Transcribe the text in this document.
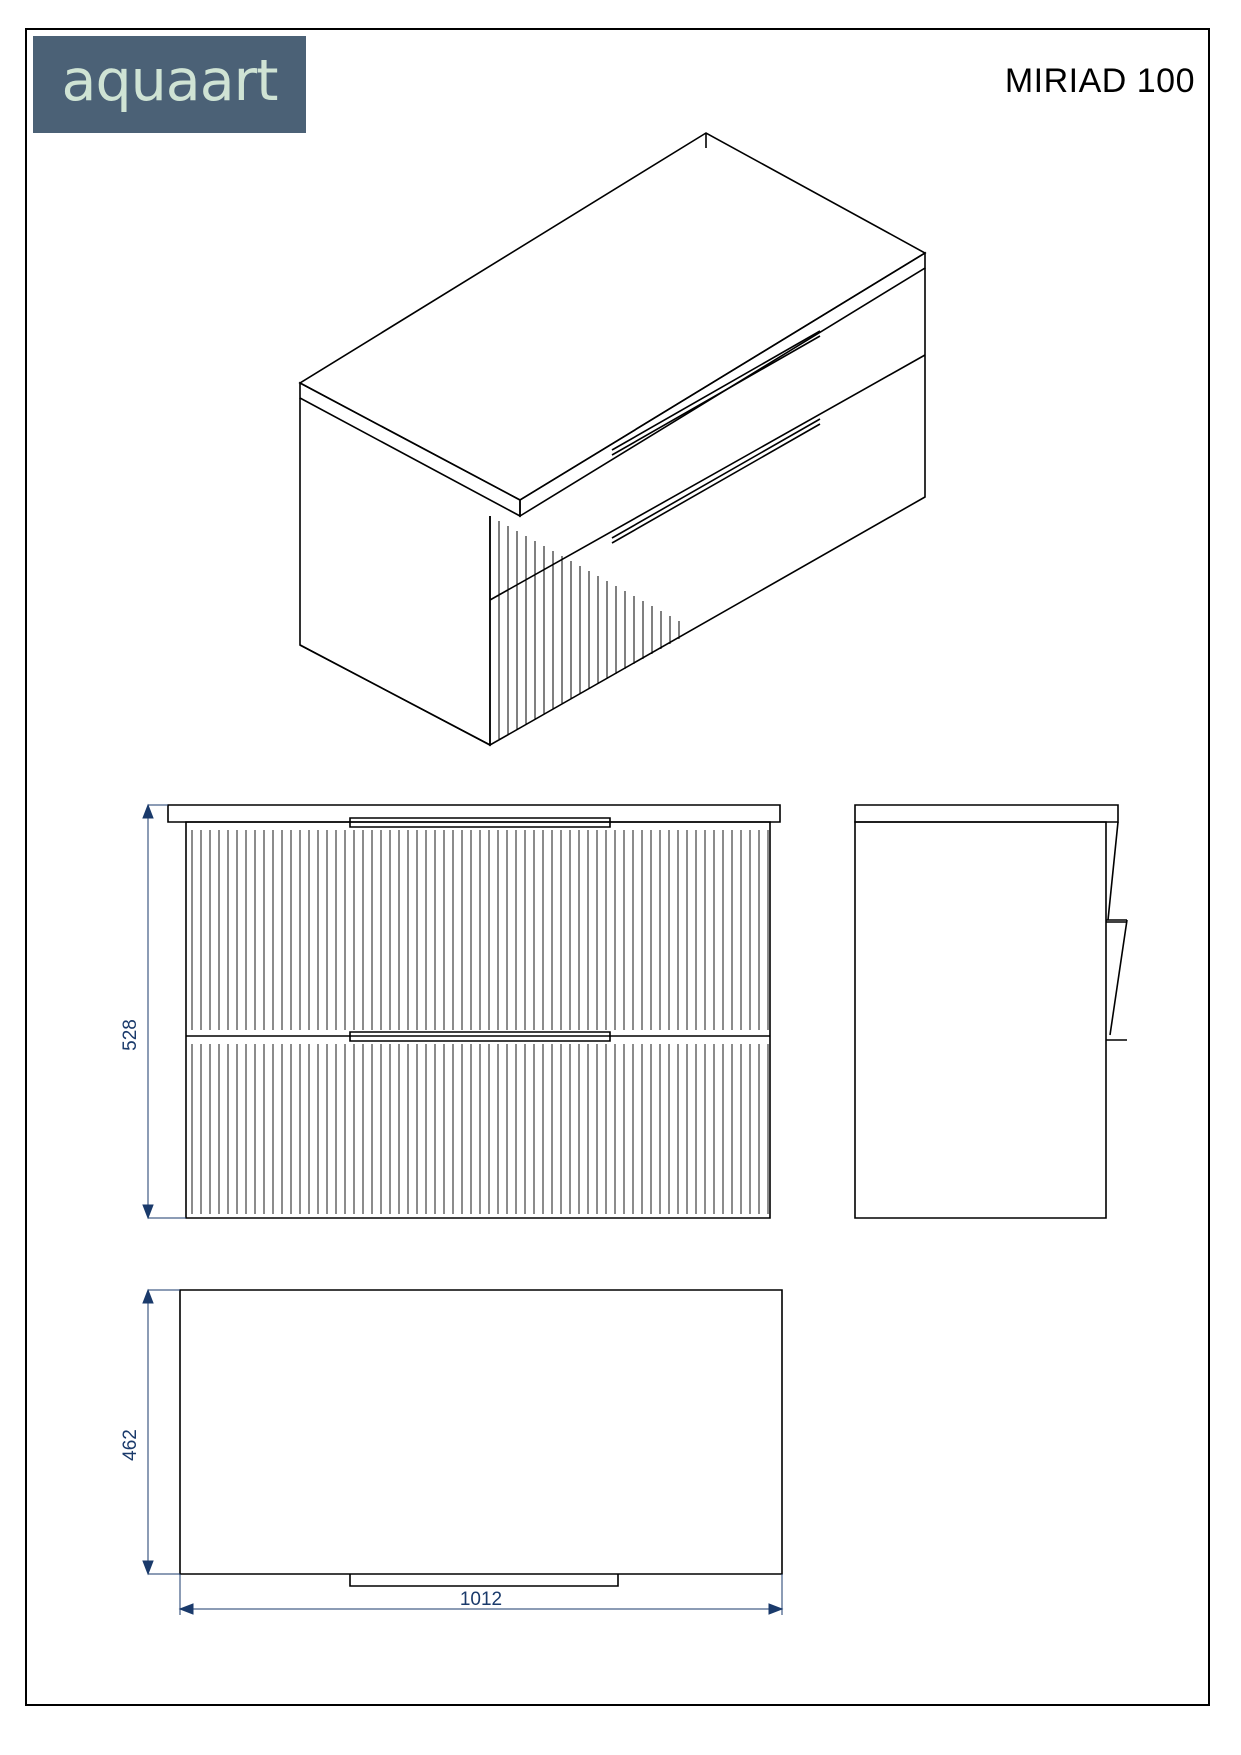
aquaart	MIRIAD 100
528
462
1012
